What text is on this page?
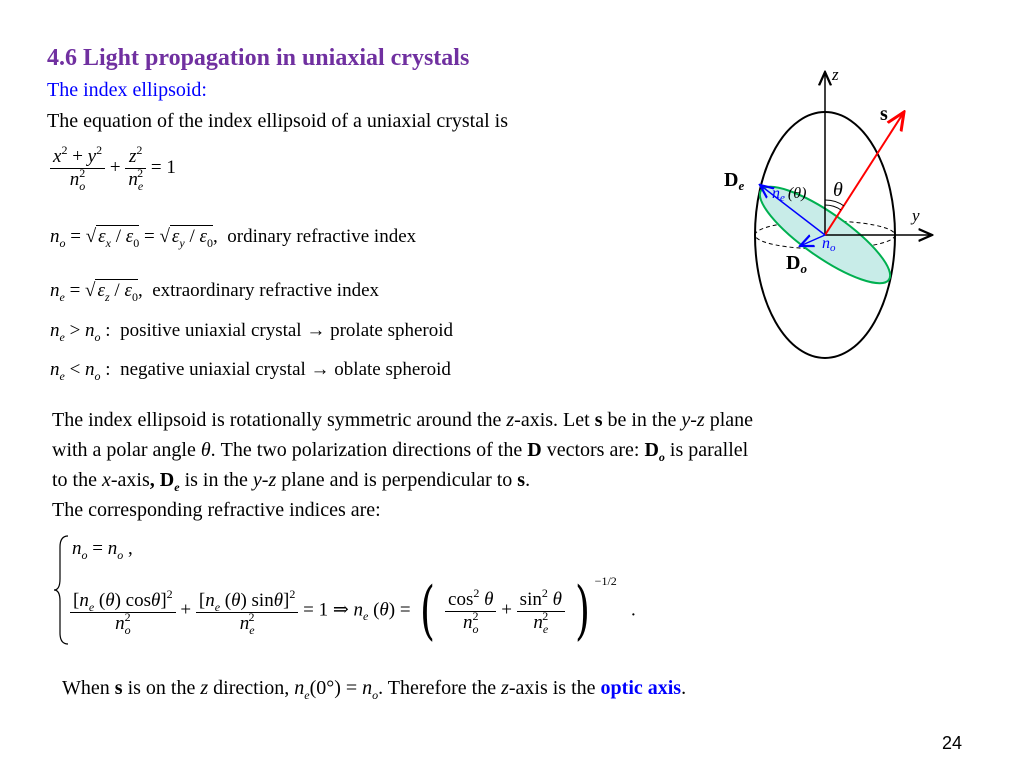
4.6 Light propagation in uniaxial crystals
The index ellipsoid:
The equation of the index ellipsoid of a uniaxial crystal is
$\frac{x^2 + y^2}{n_o^2} + \frac{z^2}{n_e^2} = 1$
$n_o$ = √ $\varepsilon_x / \varepsilon_0$ = √ $\varepsilon_y / \varepsilon_0$,  ordinary refractive index
$n_e$ = √ $\varepsilon_z / \varepsilon_0$,  extraordinary refractive index
$n_e > n_o$ :  positive uniaxial crystal → prolate spheroid
$n_e < n_o$ :  negative uniaxial crystal → oblate spheroid
The index ellipsoid is rotationally symmetric around the z-axis. Let s be in the y-z plane
with a polar angle θ. The two polarization directions of the D vectors are: $D_o$ is parallel
to the x-axis, $D_e$ is in the y-z plane and is perpendicular to s.
The corresponding refractive indices are:
$n_o = n_o$ ,
$\frac{[n_e (\theta) \cos\theta]^2}{n_o^2} + \frac{[n_e (\theta) \sin\theta]^2}{n_e^2} = 1$ ⇒ $n_e$ (θ) = ( $\frac{\cos^2 \theta}{n_o^2} + \frac{\sin^2 \theta}{n_e^2}$ ) $^{-1/2}$   .
When s is on the z direction, $n_e(0^\circ) = n_o$. Therefore the z-axis is the optic axis.
24
z
y
s
θ
$D_e$
$D_o$
ne (θ)
no
